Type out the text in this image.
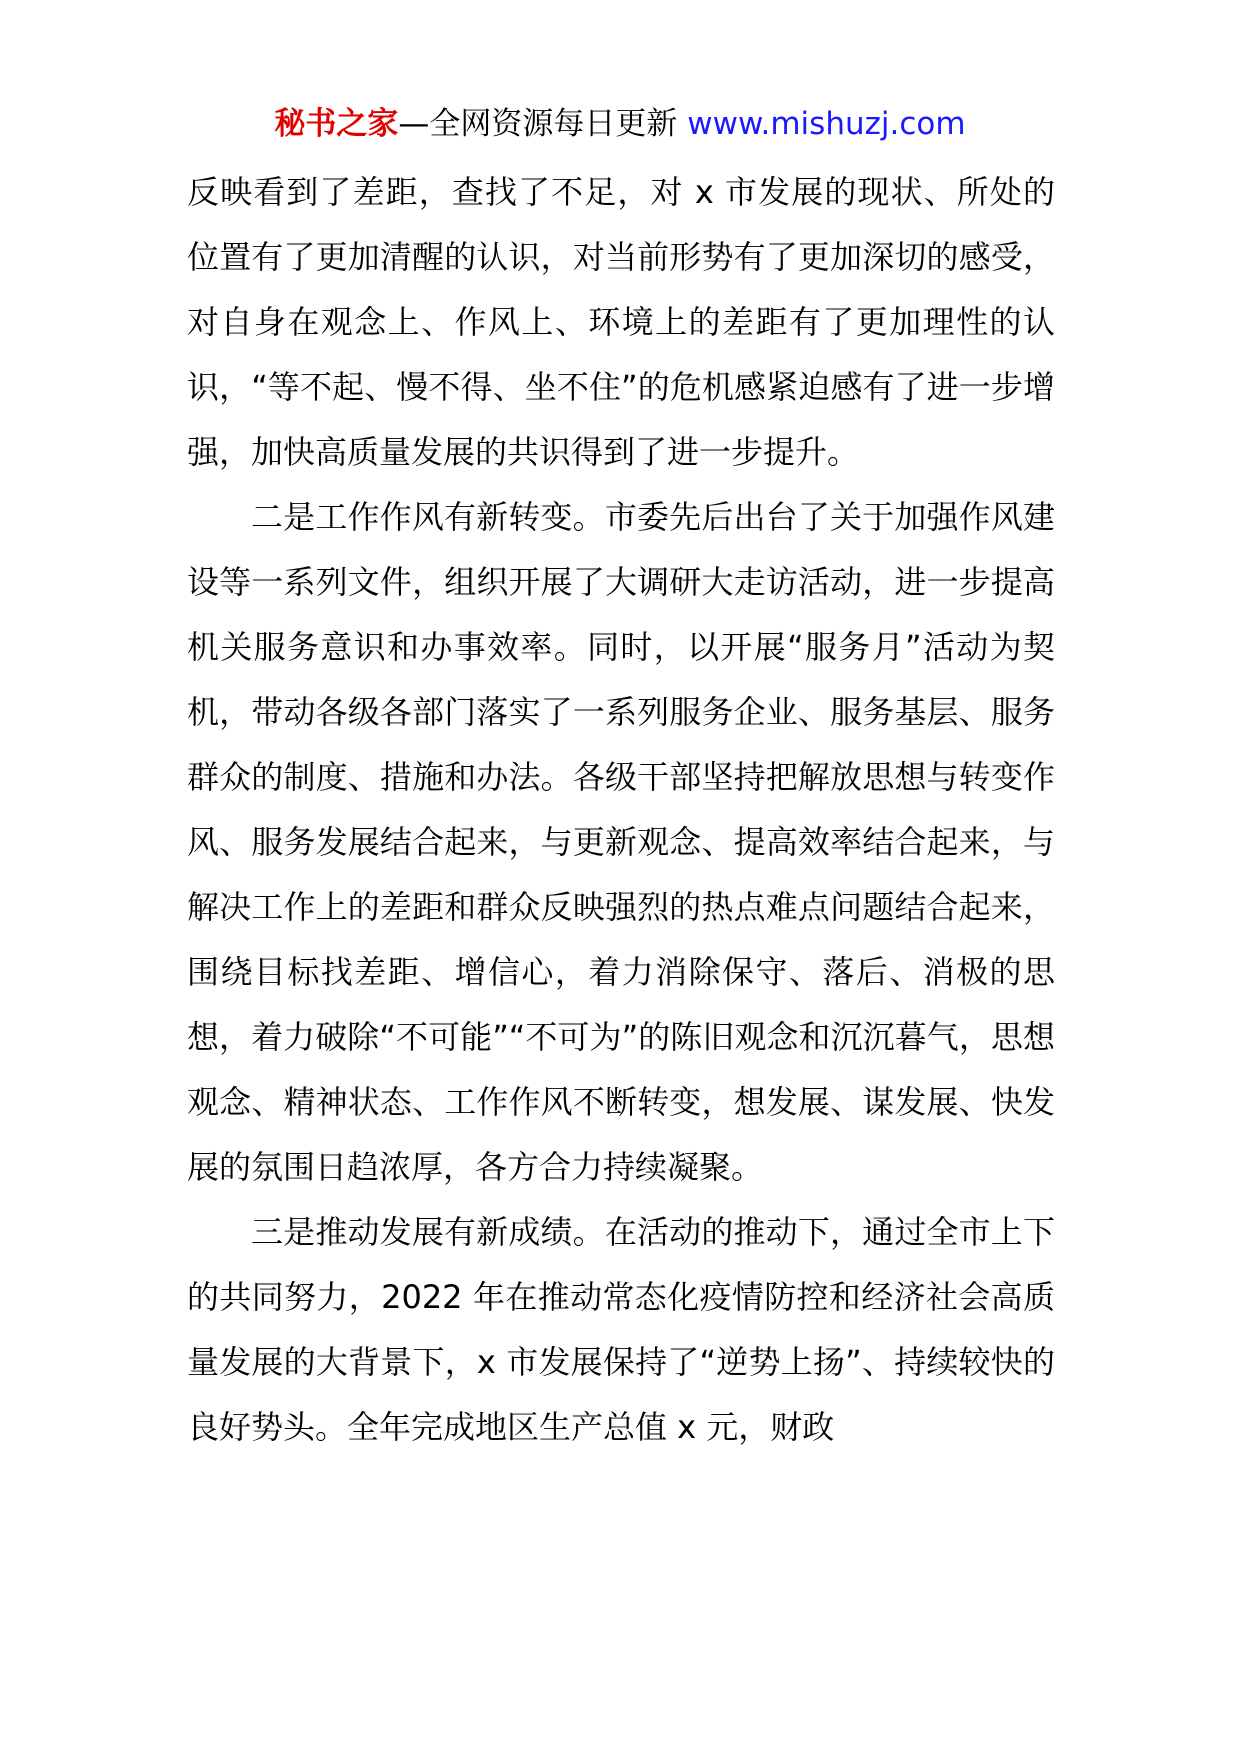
秘书之家—全网资源每日更新 www.mishuzj.com

反映看到了差距，查找了不足，对 x 市发展的现状、所处的位置有了更加清醒的认识，对当前形势有了更加深切的感受，对自身在观念上、作风上、环境上的差距有了更加理性的认识，“等不起、慢不得、坐不住”的危机感紧迫感有了进一步增强，加快高质量发展的共识得到了进一步提升。

二是工作作风有新转变。市委先后出台了关于加强作风建设等一系列文件，组织开展了大调研大走访活动，进一步提高机关服务意识和办事效率。同时，以开展“服务月”活动为契机，带动各级各部门落实了一系列服务企业、服务基层、服务群众的制度、措施和办法。各级干部坚持把解放思想与转变作风、服务发展结合起来，与更新观念、提高效率结合起来，与解决工作上的差距和群众反映强烈的热点难点问题结合起来，围绕目标找差距、增信心，着力消除保守、落后、消极的思想，着力破除“不可能”“不可为”的陈旧观念和沉沉暮气，思想观念、精神状态、工作作风不断转变，想发展、谋发展、快发展的氛围日趋浓厚，各方合力持续凝聚。

三是推动发展有新成绩。在活动的推动下，通过全市上下的共同努力，2022 年在推动常态化疫情防控和经济社会高质量发展的大背景下，x 市发展保持了“逆势上扬”、持续较快的良好势头。全年完成地区生产总值 x 元，财政
